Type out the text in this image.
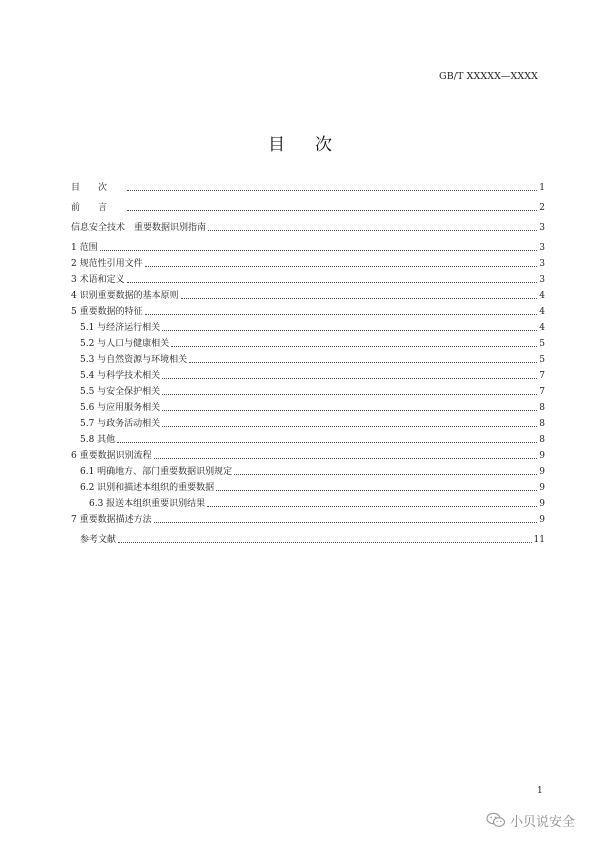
GB/T XXXXX—XXXX
目次
目次	1
前言	2
信息安全技术　重要数据识别指南	3
1 范围	3
2 规范性引用文件	3
3 术语和定义	3
4 识别重要数据的基本原则	4
5 重要数据的特征	4
5.1 与经济运行相关	4
5.2 与人口与健康相关	5
5.3 与自然资源与环境相关	5
5.4 与科学技术相关	7
5.5 与安全保护相关	7
5.6 与应用服务相关	8
5.7 与政务活动相关	8
5.8 其他	8
6 重要数据识别流程	9
6.1 明确地方、部门重要数据识别规定	9
6.2 识别和描述本组织的重要数据	9
6.3 报送本组织重要识别结果	9
7 重要数据描述方法	9
参考文献	11
1
小贝说安全
